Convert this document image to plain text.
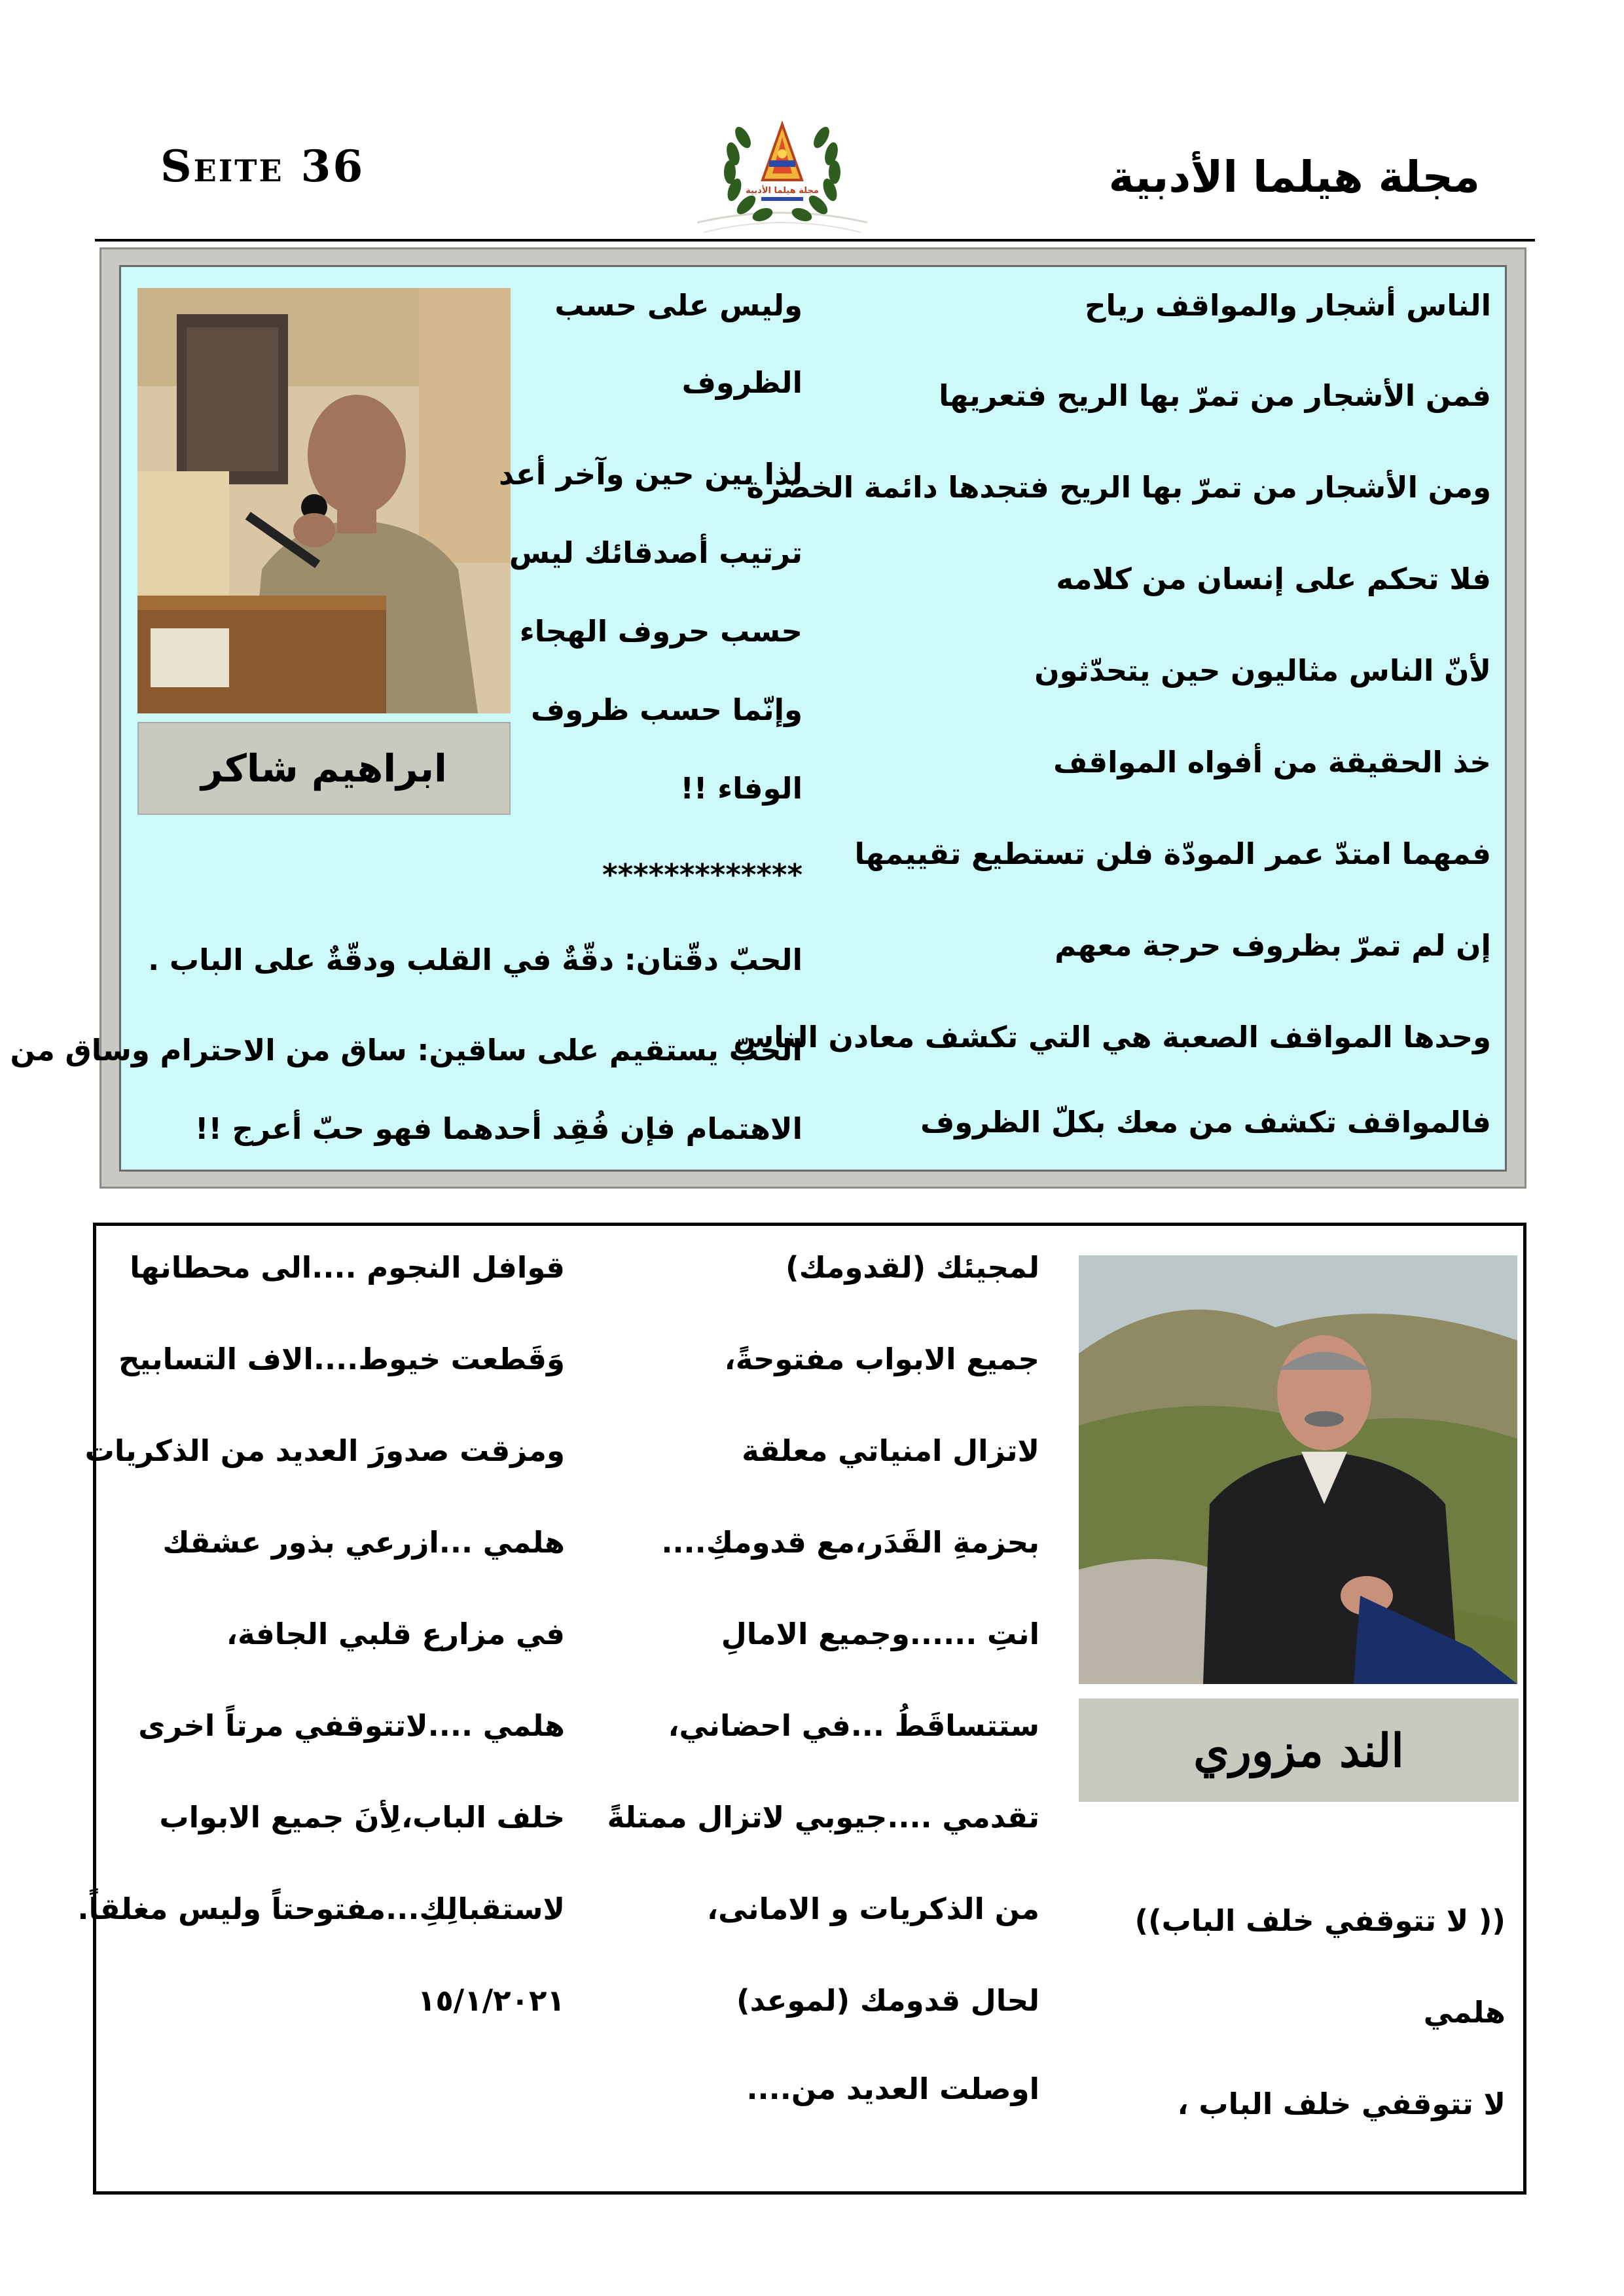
Seite 36	مجلة هيلما الأدبية	مجلة هيلما الأدبية
ابراهيم شاكر
الناس أشجار والمواقف رياح
فمن الأشجار من تمرّ بها الريح فتعريها
ومن الأشجار من تمرّ بها الريح فتجدها دائمة الخضرة
فلا تحكم على إنسان من كلامه
لأنّ الناس مثاليون حين يتحدّثون
خذ الحقيقة من أفواه المواقف
فمهما امتدّ عمر المودّة فلن تستطيع تقييمها
إن لم تمرّ بظروف حرجة معهم
وحدها المواقف الصعبة هي التي تكشف معادن الناس
فالمواقف تكشف من معك بكلّ الظروف
وليس على حسب
الظروف
لذا بين حين وآخر أعد
ترتيب أصدقائك ليس
حسب حروف الهجاء
وإنّما حسب ظروف
الوفاء !!
*************
الحبّ دقّتان: دقّةٌ في القلب ودقّةٌ على الباب .
الحبّ يستقيم على ساقين: ساق من الاحترام وساق من
الاهتمام فإن فُقِد أحدهما فهو حبّ أعرج !!
الند مزوري
(( لا تتوقفي خلف الباب))
هلمي
لا تتوقفي خلف الباب ،
لمجيئك (لقدومك)
جميع الابواب مفتوحةً،
لاتزال امنياتي معلقة
بحزمةِ القَدَر،مع قدومكِ....
انتِ ......وجميع الامالِ
ستتساقَطُ ...في احضاني،
تقدمي ....جيوبي لاتزال ممتلةً
من الذكريات و الامانى،
لحال قدومك (لموعد)
اوصلت العديد من....
قوافل النجوم ....الى محطانها
وَقَطعت خيوط....الاف التسابيح
ومزقت صدورَ العديد من الذكريات
هلمي ...ازرعي بذور عشقك
في مزارع قلبي الجافة،
هلمي ....لاتتوقفي مرتاً اخرى
خلف الباب،لِأنَ جميع الابواب
لاستقبالِكِ...مفتوحتاً وليس مغلقاً.
١٥/١/٢٠٢١
